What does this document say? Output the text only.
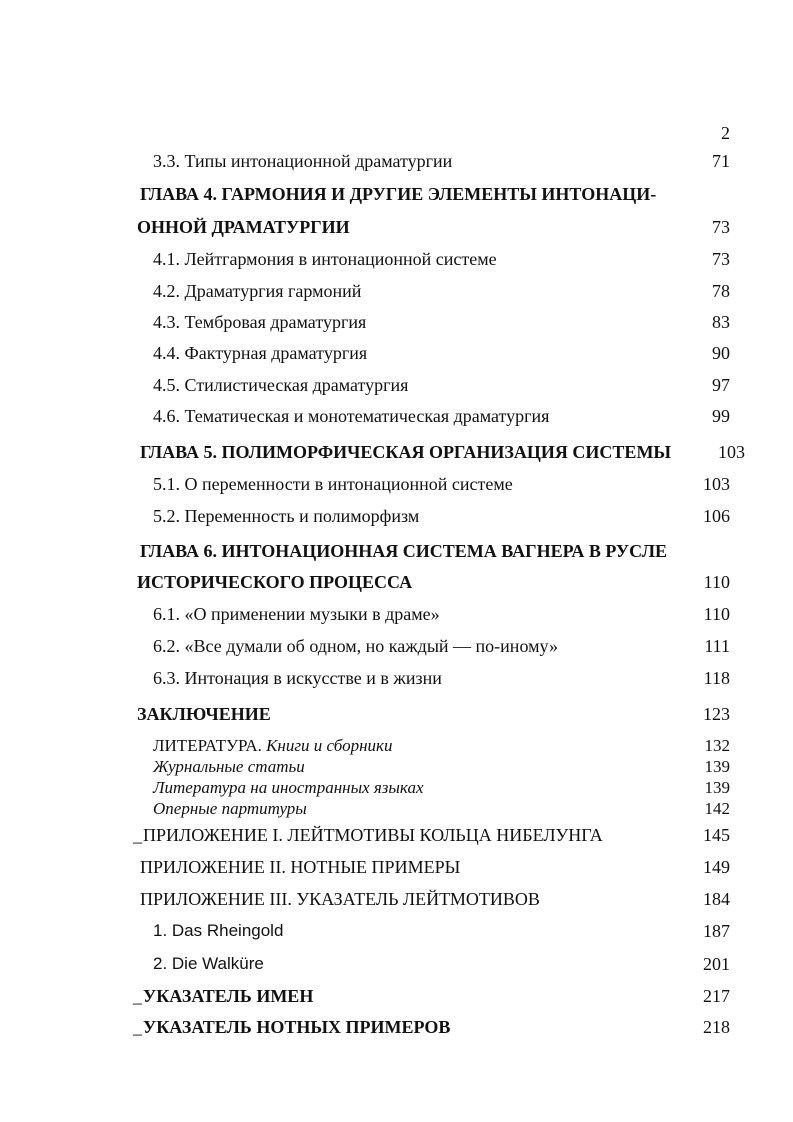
2
3.3. Типы интонационной драматургии	71
ГЛАВА 4. ГАРМОНИЯ И ДРУГИЕ ЭЛЕМЕНТЫ ИНТОНАЦИ-
ОННОЙ ДРАМАТУРГИИ	73
4.1. Лейтгармония в интонационной системе	73
4.2. Драматургия гармоний	78
4.3. Тембровая драматургия	83
4.4. Фактурная драматургия	90
4.5. Стилистическая драматургия	97
4.6. Тематическая и монотематическая драматургия	99
ГЛАВА 5. ПОЛИМОРФИЧЕСКАЯ ОРГАНИЗАЦИЯ СИСТЕМЫ	103
5.1. О переменности в интонационной системе	103
5.2. Переменность и полиморфизм	106
ГЛАВА 6. ИНТОНАЦИОННАЯ СИСТЕМА ВАГНЕРА В РУСЛЕ
ИСТОРИЧЕСКОГО ПРОЦЕССА	110
6.1. «О применении музыки в драме»	110
6.2. «Все думали об одном, но каждый — по-иному»	111
6.3. Интонация в искусстве и в жизни	118
ЗАКЛЮЧЕНИЕ	123
ЛИТЕРАТУРА. Книги и сборники	132
Журнальные статьи	139
Литература на иностранных языках	139
Оперные партитуры	142
_ ПРИЛОЖЕНИЕ I. ЛЕЙТМОТИВЫ КОЛЬЦА НИБЕЛУНГА	145
ПРИЛОЖЕНИЕ II. НОТНЫЕ ПРИМЕРЫ	149
ПРИЛОЖЕНИЕ III. УКАЗАТЕЛЬ ЛЕЙТМОТИВОВ	184
1. Das Rheingold	187
2. Die Walküre	201
_ УКАЗАТЕЛЬ ИМЕН	217
_ УКАЗАТЕЛЬ НОТНЫХ ПРИМЕРОВ	218
